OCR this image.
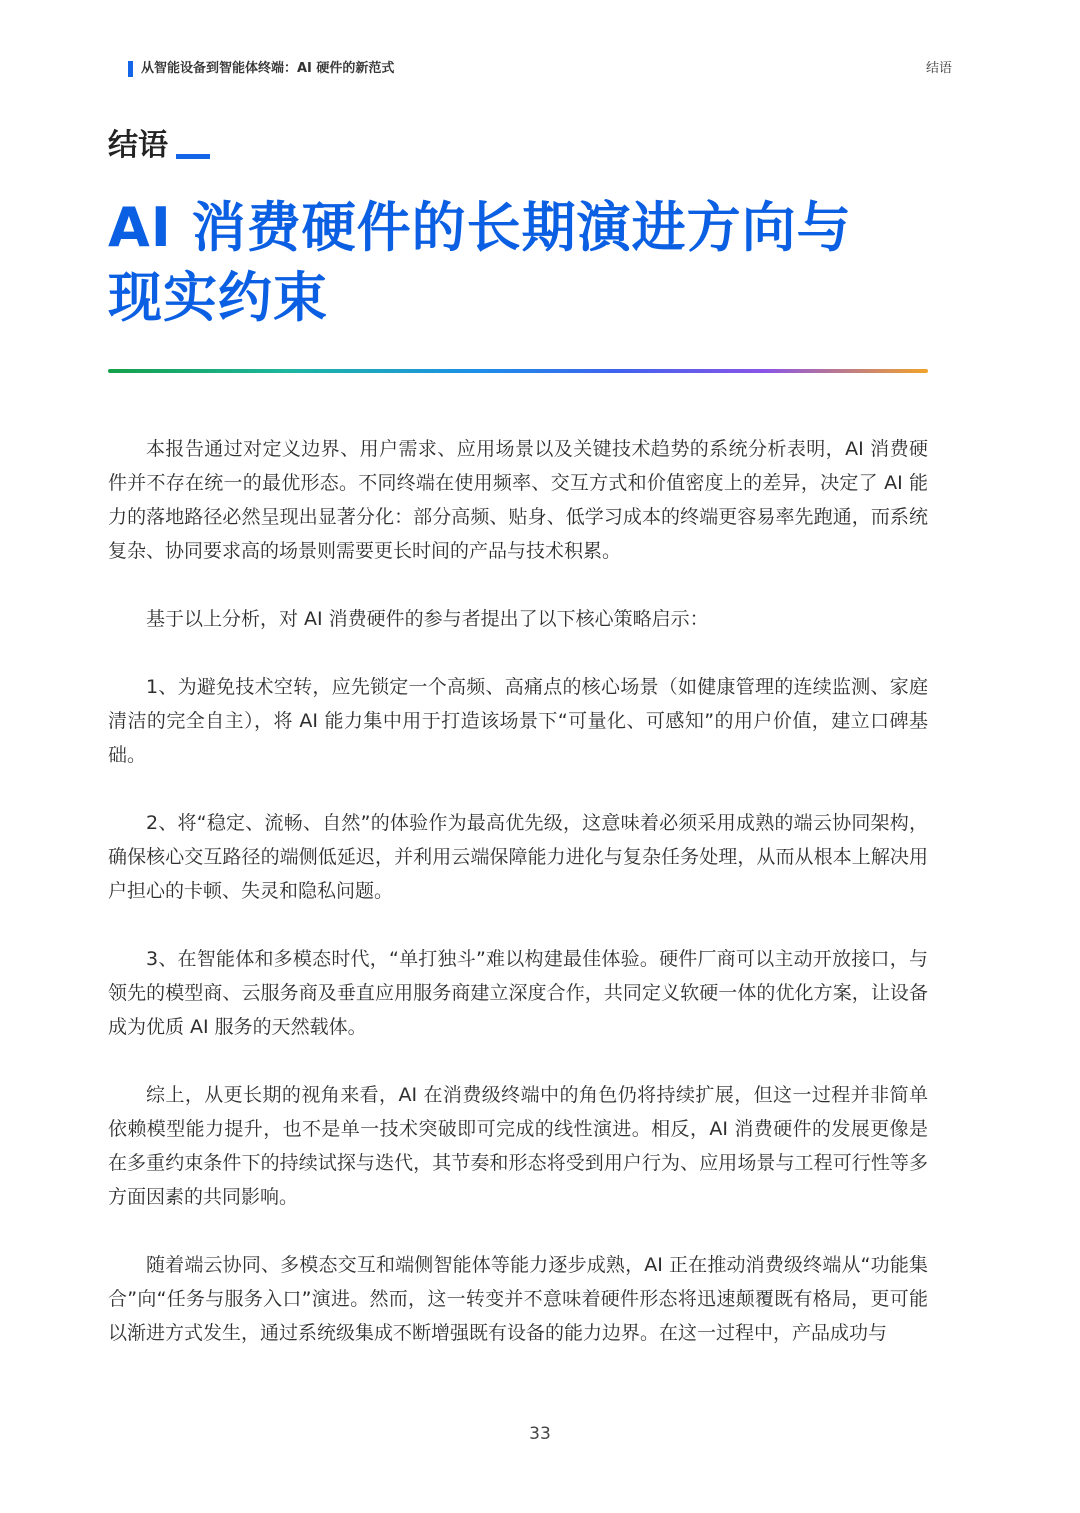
从智能设备到智能体终端：AI 硬件的新范式	结语
结语
AI 消费硬件的长期演进方向与
现实约束

本报告通过对定义边界、用户需求、应用场景以及关键技术趋势的系统分析表明，AI 消费硬件并不存在统一的最优形态。不同终端在使用频率、交互方式和价值密度上的差异，决定了 AI 能力的落地路径必然呈现出显著分化：部分高频、贴身、低学习成本的终端更容易率先跑通，而系统复杂、协同要求高的场景则需要更长时间的产品与技术积累。

基于以上分析，对 AI 消费硬件的参与者提出了以下核心策略启示：

1、为避免技术空转，应先锁定一个高频、高痛点的核心场景（如健康管理的连续监测、家庭清洁的完全自主），将 AI 能力集中用于打造该场景下“可量化、可感知”的用户价值，建立口碑基础。

2、将“稳定、流畅、自然”的体验作为最高优先级，这意味着必须采用成熟的端云协同架构，确保核心交互路径的端侧低延迟，并利用云端保障能力进化与复杂任务处理，从而从根本上解决用户担心的卡顿、失灵和隐私问题。

3、在智能体和多模态时代，“单打独斗”难以构建最佳体验。硬件厂商可以主动开放接口，与领先的模型商、云服务商及垂直应用服务商建立深度合作，共同定义软硬一体的优化方案，让设备成为优质 AI 服务的天然载体。

综上，从更长期的视角来看，AI 在消费级终端中的角色仍将持续扩展，但这一过程并非简单依赖模型能力提升，也不是单一技术突破即可完成的线性演进。相反，AI 消费硬件的发展更像是在多重约束条件下的持续试探与迭代，其节奏和形态将受到用户行为、应用场景与工程可行性等多方面因素的共同影响。

随着端云协同、多模态交互和端侧智能体等能力逐步成熟，AI 正在推动消费级终端从“功能集合”向“任务与服务入口”演进。然而，这一转变并不意味着硬件形态将迅速颠覆既有格局，更可能以渐进方式发生，通过系统级集成不断增强既有设备的能力边界。在这一过程中，产品成功与

33
